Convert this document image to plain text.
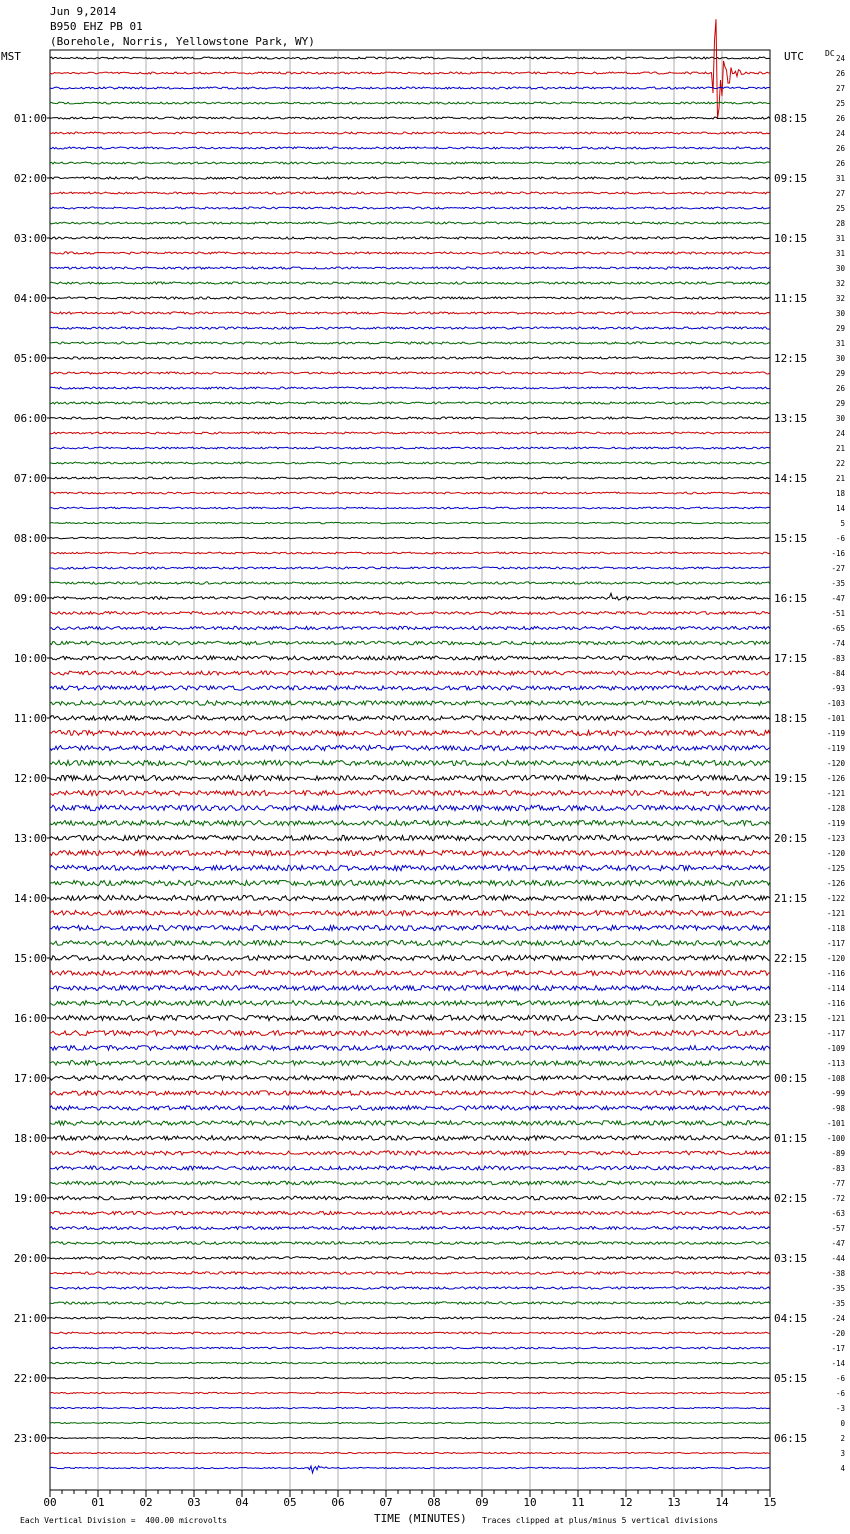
Jun 9,2014
B950 EHZ PB 01
(Borehole, Norris, Yellowstone Park, WY)
MST	UTC	DC
24
26
27
25
26
24
26
26
31
27
25
28
31
31
30
32
32
30
29
31
30
29
26
29
30
24
21
22
21
18
14
5
-6
-16
-27
-35
-47
-51
-65
-74
-83
-84
-93
-103
-101
-119
-119
-120
-126
-121
-128
-119
-123
-120
-125
-126
-122
-121
-118
-117
-120
-116
-114
-116
-121
-117
-109
-113
-108
-99
-98
-101
-100
-89
-83
-77
-72
-63
-57
-47
-44
-38
-35
-35
-24
-20
-17
-14
-6
-6
-3
0
2
3
4
01:00
02:00
03:00
04:00
05:00
06:00
07:00
08:00
09:00
10:00
11:00
12:00
13:00
14:00
15:00
16:00
17:00
18:00
19:00
20:00
21:00
22:00
23:00
08:15
09:15
10:15
11:15
12:15
13:15
14:15
15:15
16:15
17:15
18:15
19:15
20:15
21:15
22:15
23:15
00:15
01:15
02:15
03:15
04:15
05:15
06:15
00	01	02	03	04	05	06	07	08	09	10	11	12	13	14	15
Each Vertical Division =  400.00 microvolts	TIME (MINUTES) Traces clipped at plus/minus 5 vertical divisions
